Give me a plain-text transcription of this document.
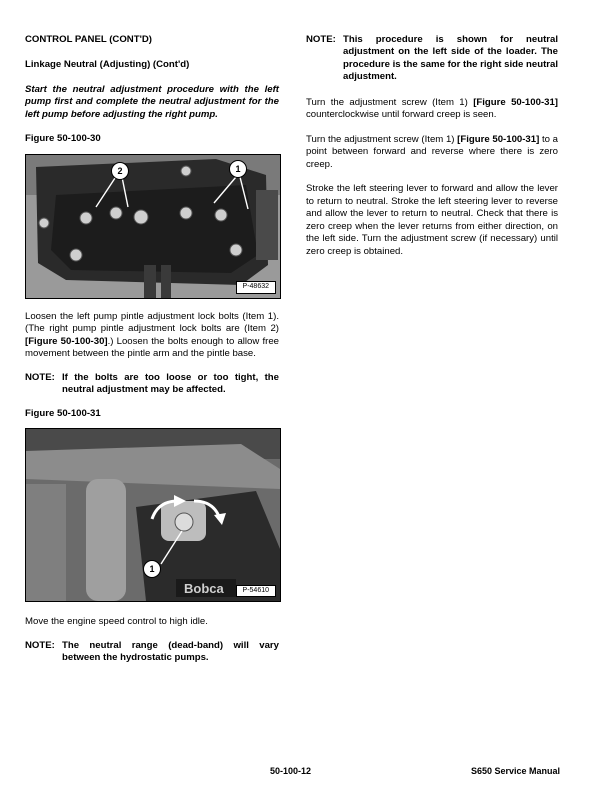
CONTROL PANEL (CONT'D)

Linkage Neutral (Adjusting) (Cont'd)

Start the neutral adjustment procedure with the left pump first and complete the neutral adjustment for the left pump before adjusting the right pump.

Figure 50-100-30

2	1
P-48632

Loosen the left pump pintle adjustment lock bolts (Item 1). (The right pump pintle adjustment lock bolts are (Item 2) [Figure 50-100-30].) Loosen the bolts enough to allow free movement between the pintle arm and the pintle base.

NOTE: If the bolts are too loose or too tight, the neutral adjustment may be affected.

Figure 50-100-31

Bobca
1
P-54610

Move the engine speed control to high idle.

NOTE: The neutral range (dead-band) will vary between the hydrostatic pumps.
NOTE: This procedure is shown for neutral adjustment on the left side of the loader. The procedure is the same for the right side neutral adjustment.

Turn the adjustment screw (Item 1) [Figure 50-100-31] counterclockwise until forward creep is seen.

Turn the adjustment screw (Item 1) [Figure 50-100-31] to a point between forward and reverse where there is zero creep.

Stroke the left steering lever to forward and allow the lever to return to neutral. Stroke the left steering lever to reverse and allow the lever to return to neutral. Check that there is zero creep when the lever returns from either direction, on the left side. Turn the adjustment screw (if necessary) until zero creep is obtained.

50-100-12	S650 Service Manual
